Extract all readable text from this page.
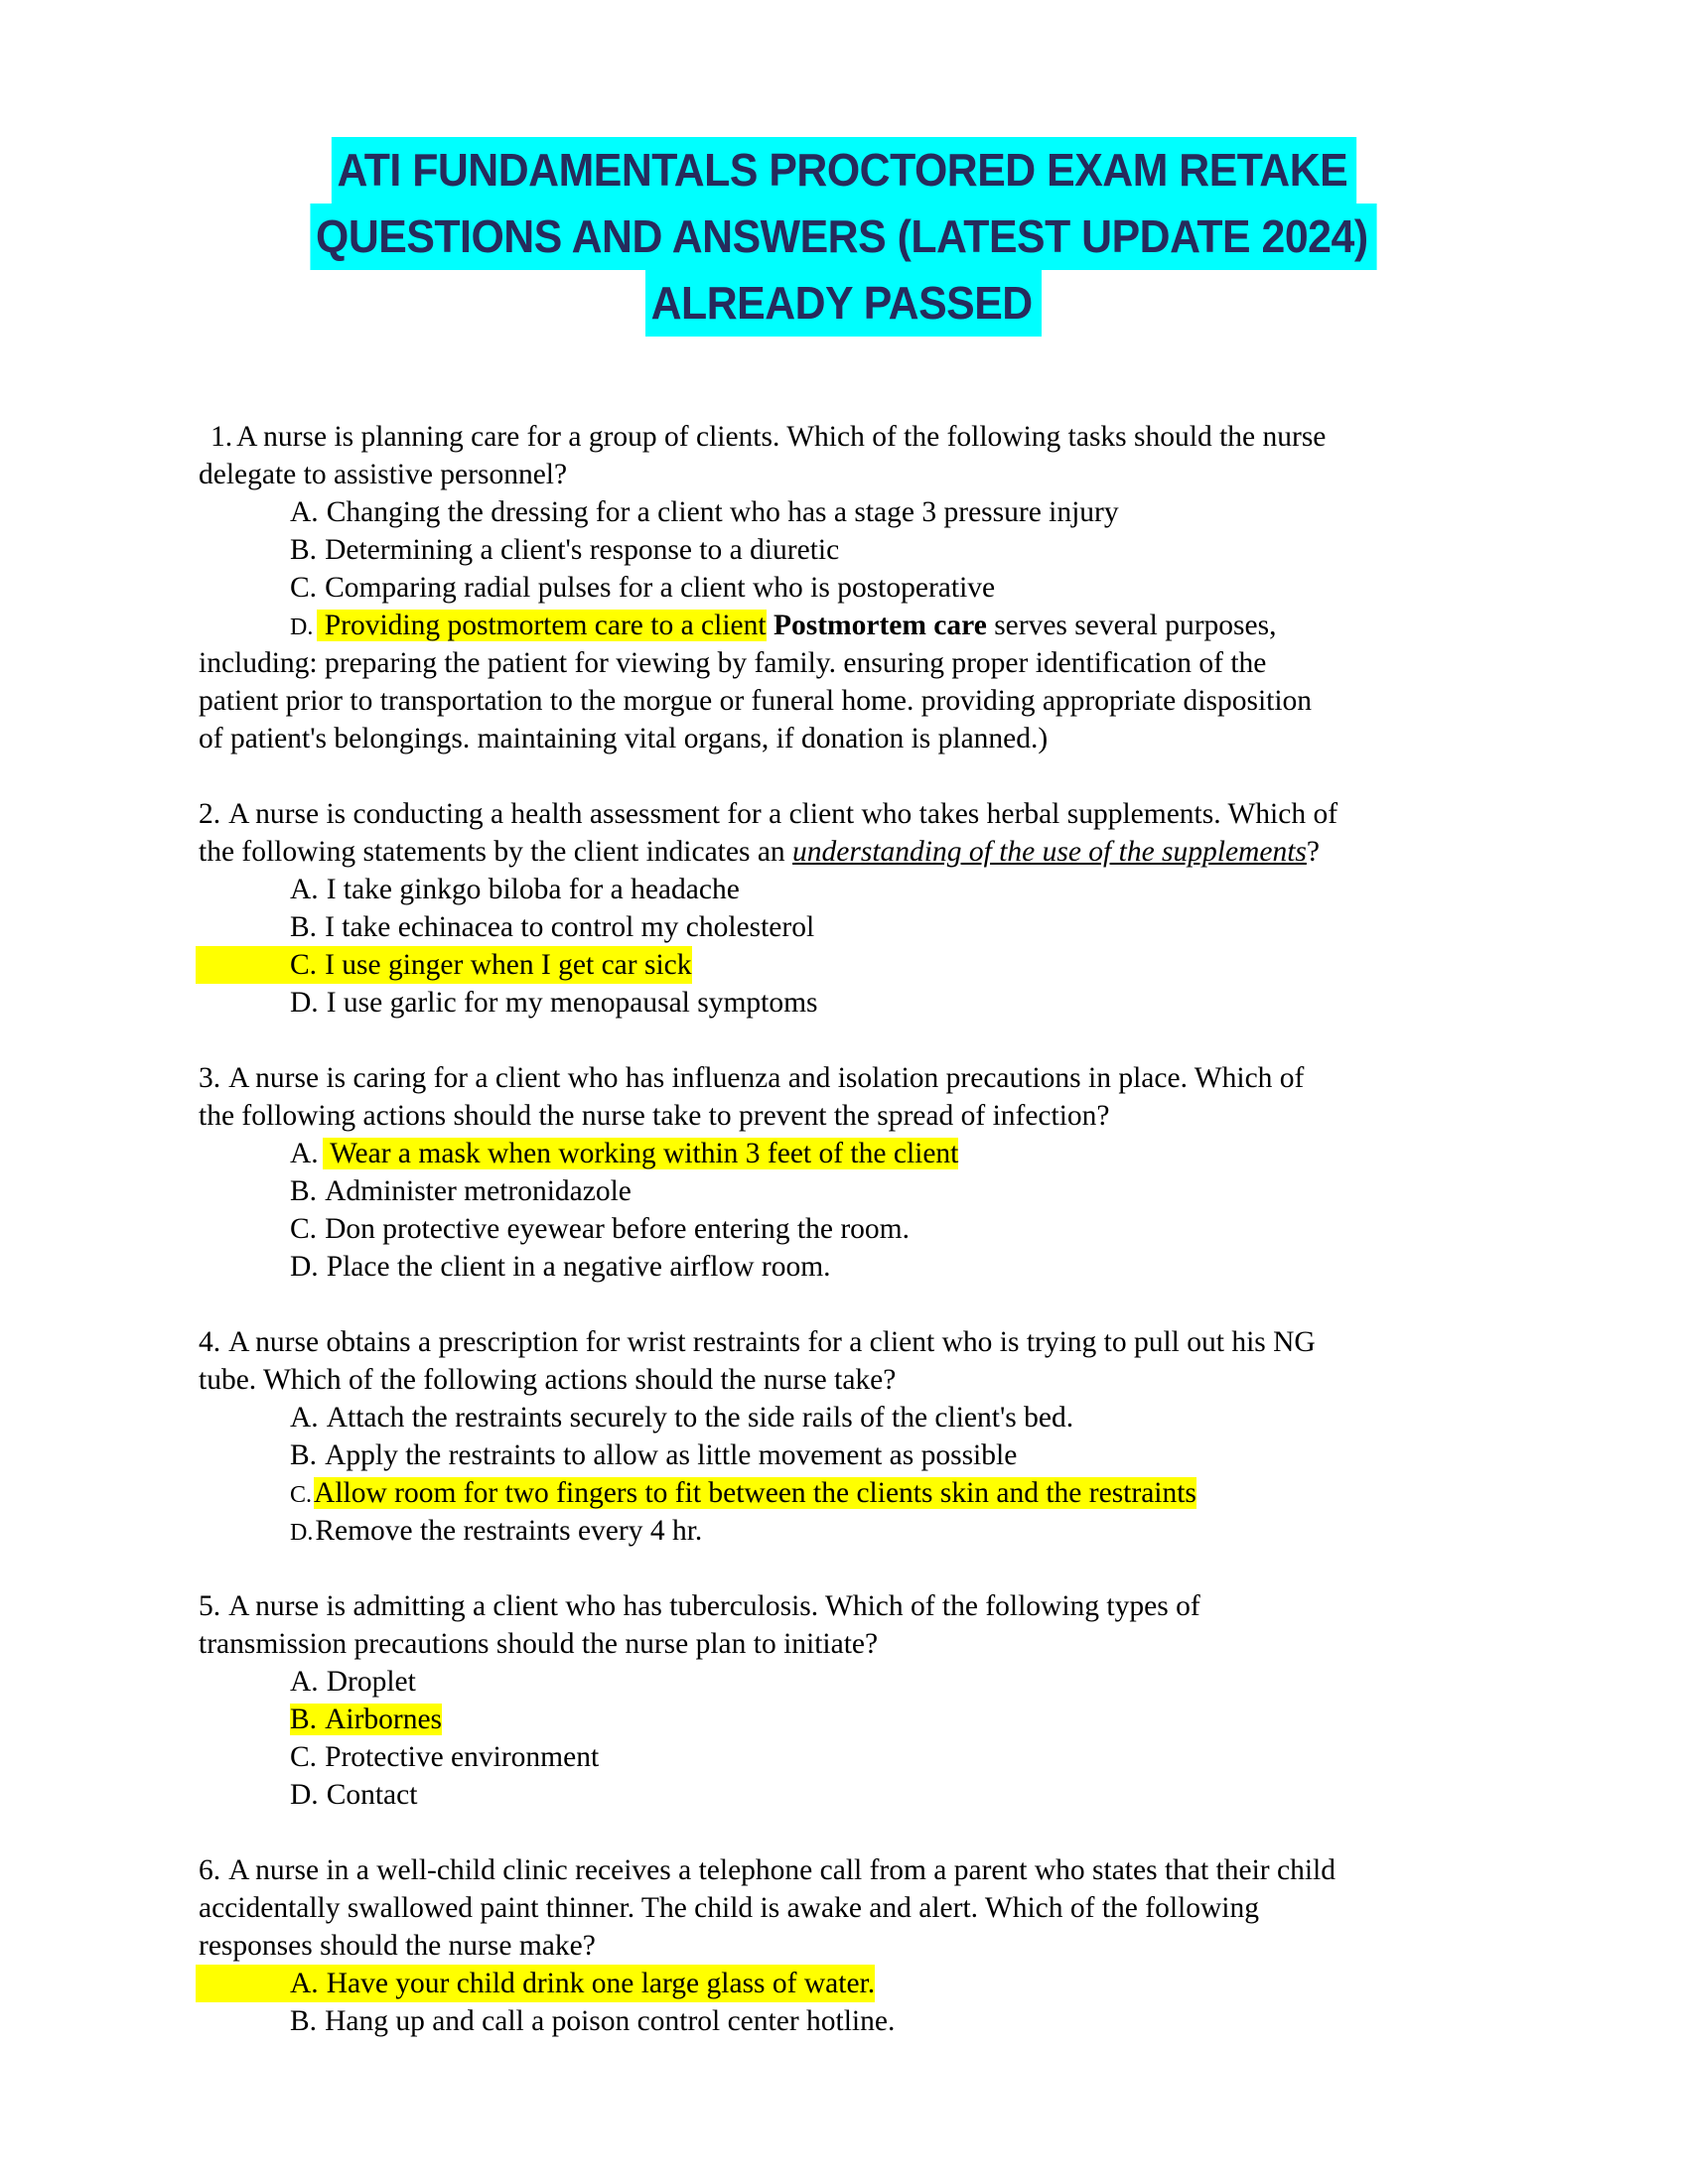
ATI FUNDAMENTALS PROCTORED EXAM RETAKE
QUESTIONS AND ANSWERS (LATEST UPDATE 2024)
ALREADY PASSED
1. A nurse is planning care for a group of clients. Which of the following tasks should the nurse
delegate to assistive personnel?
A. Changing the dressing for a client who has a stage 3 pressure injury
B. Determining a client's response to a diuretic
C. Comparing radial pulses for a client who is postoperative
D. Providing postmortem care to a client Postmortem care serves several purposes,
including: preparing the patient for viewing by family. ensuring proper identification of the
patient prior to transportation to the morgue or funeral home. providing appropriate disposition
of patient's belongings. maintaining vital organs, if donation is planned.)
2. A nurse is conducting a health assessment for a client who takes herbal supplements. Which of
the following statements by the client indicates an understanding of the use of the supplements?
A. I take ginkgo biloba for a headache
B. I take echinacea to control my cholesterol
C. I use ginger when I get car sick
D. I use garlic for my menopausal symptoms
3. A nurse is caring for a client who has influenza and isolation precautions in place. Which of
the following actions should the nurse take to prevent the spread of infection?
A. Wear a mask when working within 3 feet of the client
B. Administer metronidazole
C. Don protective eyewear before entering the room.
D. Place the client in a negative airflow room.
4. A nurse obtains a prescription for wrist restraints for a client who is trying to pull out his NG
tube. Which of the following actions should the nurse take?
A. Attach the restraints securely to the side rails of the client's bed.
B. Apply the restraints to allow as little movement as possible
C.Allow room for two fingers to fit between the clients skin and the restraints
D.Remove the restraints every 4 hr.
5. A nurse is admitting a client who has tuberculosis. Which of the following types of
transmission precautions should the nurse plan to initiate?
A. Droplet
B. Airbornes
C. Protective environment
D. Contact
6. A nurse in a well-child clinic receives a telephone call from a parent who states that their child
accidentally swallowed paint thinner. The child is awake and alert. Which of the following
responses should the nurse make?
A. Have your child drink one large glass of water.
B. Hang up and call a poison control center hotline.
